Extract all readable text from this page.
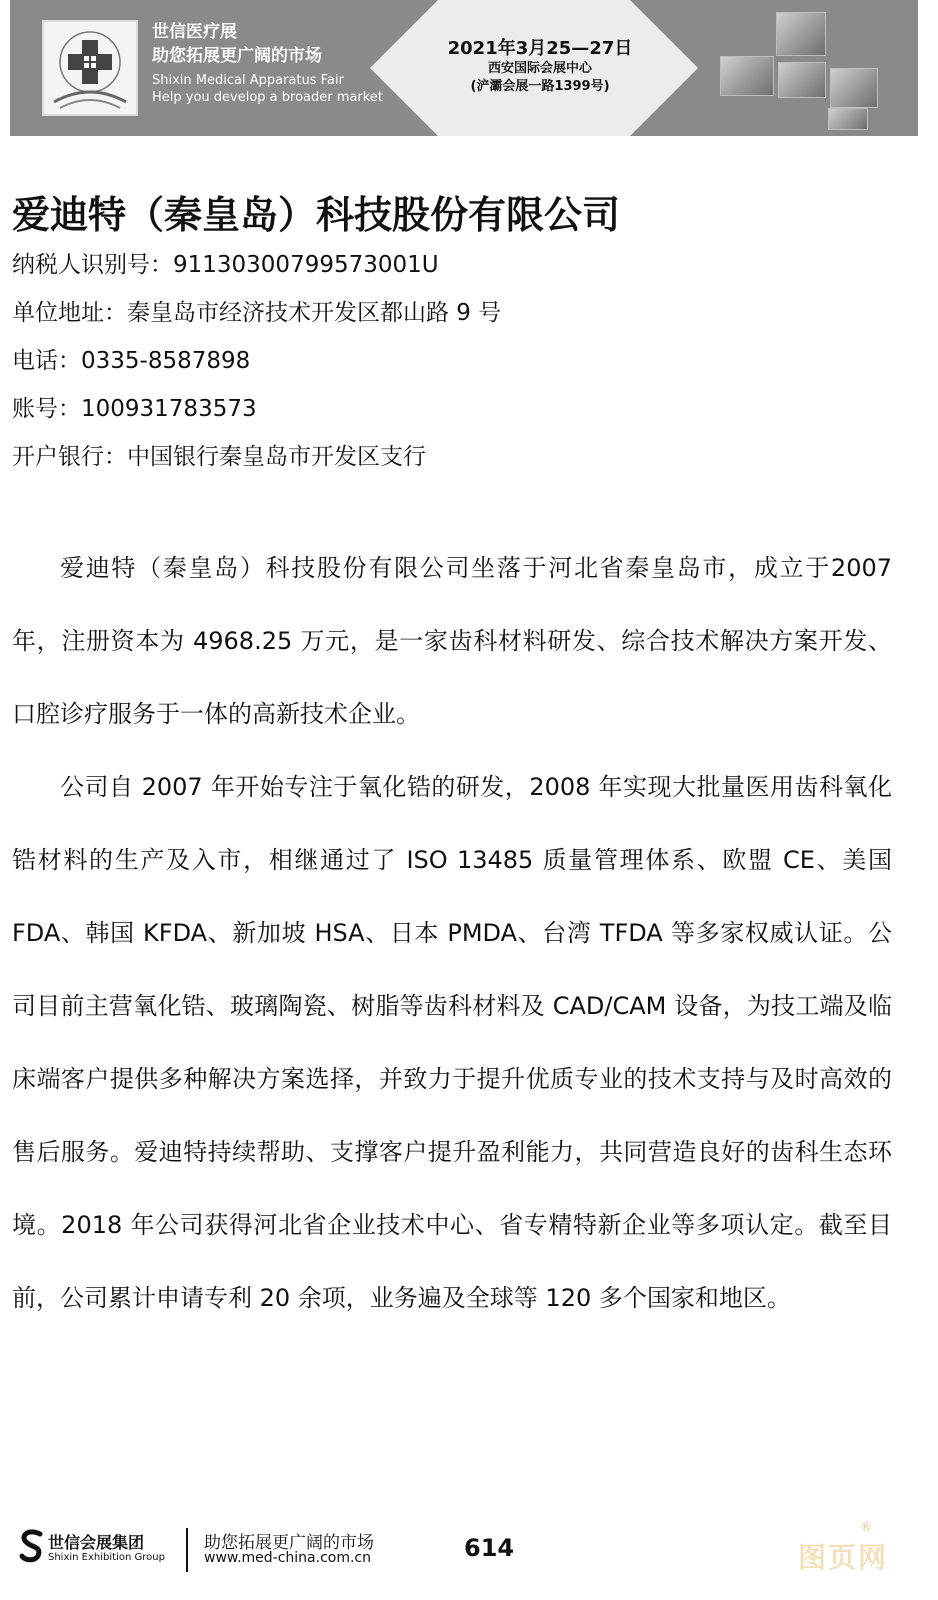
世信医疗展
助您拓展更广阔的市场
Shixin Medical Apparatus Fair
Help you develop a broader market
2021年3月25—27日
西安国际会展中心
(浐灞会展一路1399号)
爱迪特（秦皇岛）科技股份有限公司
纳税人识别号：91130300799573001U
单位地址：秦皇岛市经济技术开发区都山路 9 号
电话：0335-8587898
账号：100931783573
开户银行：中国银行秦皇岛市开发区支行
爱迪特（秦皇岛）科技股份有限公司坐落于河北省秦皇岛市，成立于2007 年，注册资本为 4968.25 万元，是一家齿科材料研发、综合技术解决方案开发、口腔诊疗服务于一体的高新技术企业。
公司自 2007 年开始专注于氧化锆的研发，2008 年实现大批量医用齿科氧化锆材料的生产及入市，相继通过了 ISO 13485 质量管理体系、欧盟 CE、美国 FDA、韩国 KFDA、新加坡 HSA、日本 PMDA、台湾 TFDA 等多家权威认证。公司目前主营氧化锆、玻璃陶瓷、树脂等齿科材料及 CAD/CAM 设备，为技工端及临床端客户提供多种解决方案选择，并致力于提升优质专业的技术支持与及时高效的售后服务。爱迪特持续帮助、支撑客户提升盈利能力，共同营造良好的齿科生态环境。2018 年公司获得河北省企业技术中心、省专精特新企业等多项认定。截至目前，公司累计申请专利 20 余项，业务遍及全球等 120 多个国家和地区。
世信会展集团
Shixin Exhibition Group
助您拓展更广阔的市场
www.med-china.com.cn	614
®
图页网
